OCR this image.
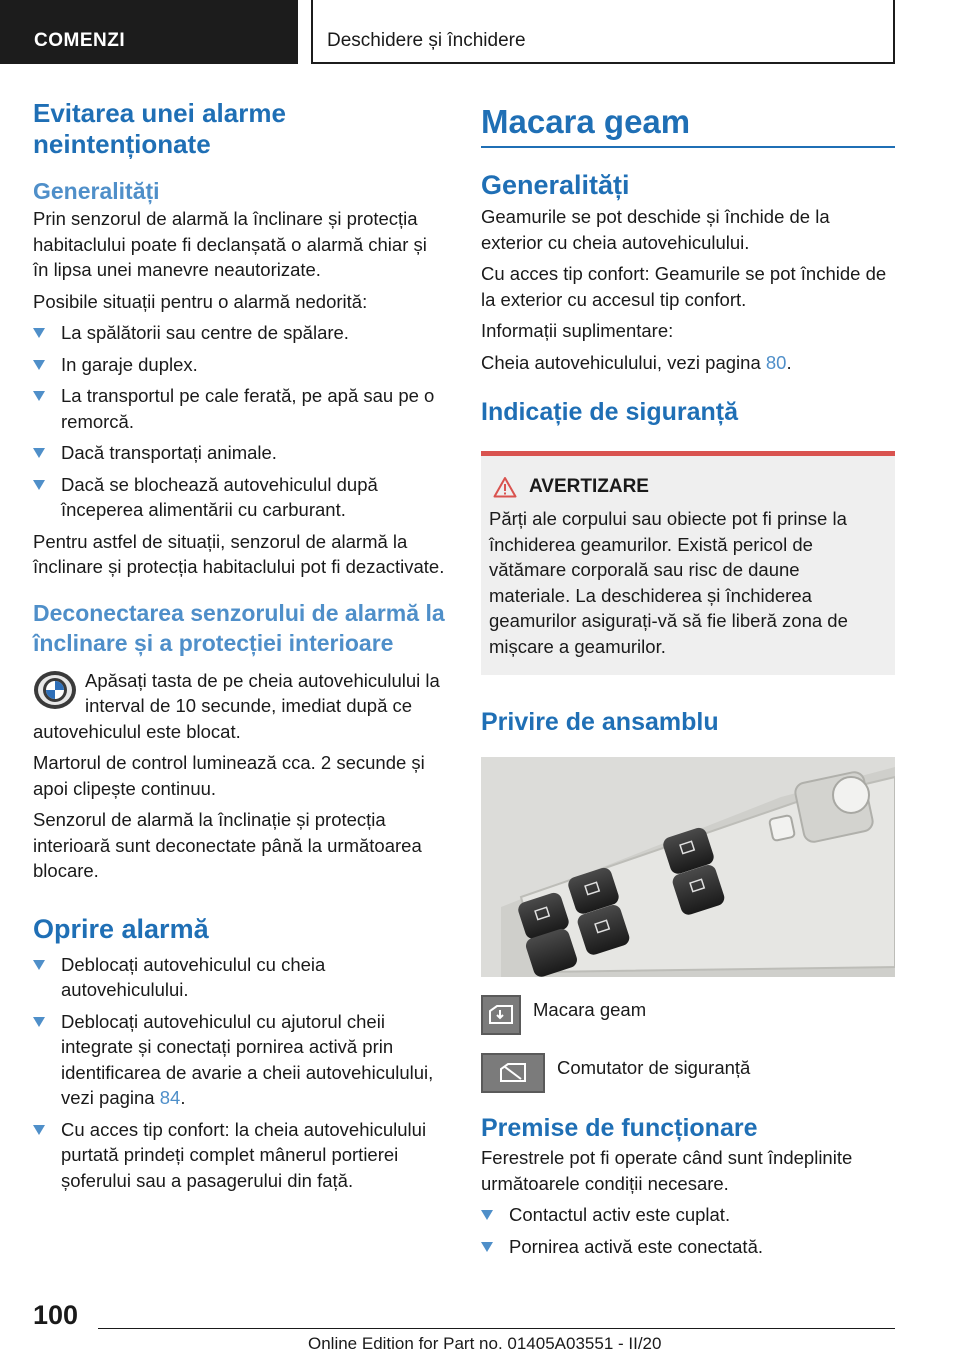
COMENZI	Deschidere și închidere
Evitarea unei alarme neintenționate
Generalități

Prin senzorul de alarmă la înclinare și protecția habitaclului poate fi declanșată o alarmă chiar și în lipsa unei manevre neautorizate.

Posibile situații pentru o alarmă nedorită:

La spălătorii sau centre de spălare.
In garaje duplex.
La transportul pe cale ferată, pe apă sau pe o remorcă.
Dacă transportați animale.
Dacă se blochează autovehiculul după începerea alimentării cu carburant.

Pentru astfel de situații, senzorul de alarmă la înclinare și protecția habitaclului pot fi dezactivate.

Deconectarea senzorului de alarmă la înclinare și a protecției interioare

Apăsați tasta de pe cheia autovehiculului la interval de 10 secunde, imediat după ce autovehiculul este blocat.

Martorul de control luminează cca. 2 secunde și apoi clipește continuu.

Senzorul de alarmă la înclinație și protecția interioară sunt deconectate până la următoarea blocare.

Oprire alarmă
Deblocați autovehiculul cu cheia autovehiculului.
Deblocați autovehiculul cu ajutorul cheii integrate și conectați pornirea activă prin identificarea de avarie a cheii autovehiculului, vezi pagina 84.
Cu acces tip confort: la cheia autovehiculului purtată prindeți complet mânerul portierei șoferului sau a pasagerului din față.
Macara geam
Generalități

Geamurile se pot deschide și închide de la exterior cu cheia autovehiculului.

Cu acces tip confort: Geamurile se pot închide de la exterior cu accesul tip confort.

Informații suplimentare:

Cheia autovehiculului, vezi pagina 80.

Indicație de siguranță
AVERTIZARE

Părți ale corpului sau obiecte pot fi prinse la închiderea geamurilor. Există pericol de vătămare corporală sau risc de daune materiale. La deschiderea și închiderea geamurilor asigurați-vă să fie liberă zona de mișcare a geamurilor.

Privire de ansamblu

Macara geam

Comutator de siguranță

Premise de funcționare

Ferestrele pot fi operate când sunt îndeplinite următoarele condiții necesare.

Contactul activ este cuplat.
Pornirea activă este conectată.
100
Online Edition for Part no. 01405A03551 - II/20
